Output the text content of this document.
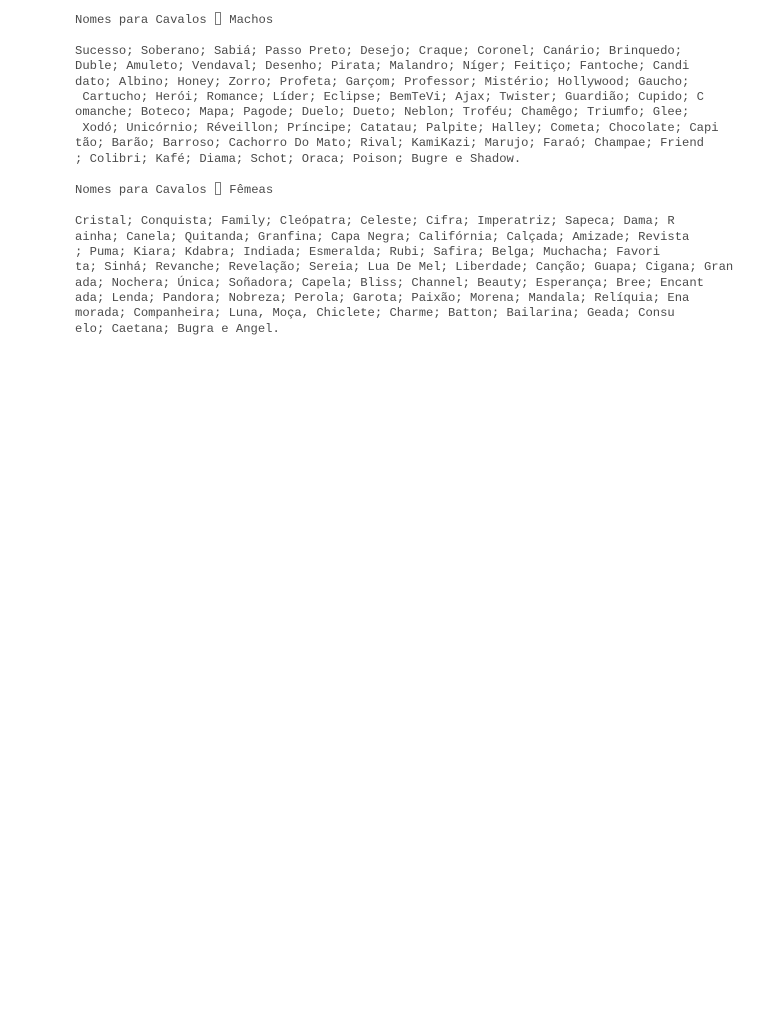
Nomes para Cavalos  Machos
Sucesso; Soberano; Sabiá; Passo Preto; Desejo; Craque; Coronel; Canário; Brinquedo;
Duble; Amuleto; Vendaval; Desenho; Pirata; Malandro; Níger; Feitiço; Fantoche; Candi
dato; Albino; Honey; Zorro; Profeta; Garçom; Professor; Mistério; Hollywood; Gaucho;
Cartucho; Herói; Romance; Líder; Eclipse; BemTeVi; Ajax; Twister; Guardião; Cupido; C
omanche; Boteco; Mapa; Pagode; Duelo; Dueto; Neblon; Troféu; Chamêgo; Triumfo; Glee;
Xodó; Unicórnio; Réveillon; Príncipe; Catatau; Palpite; Halley; Cometa; Chocolate; Capi
tão; Barão; Barroso; Cachorro Do Mato; Rival; KamiKazi; Marujo; Faraó; Champae; Friend
; Colibri; Kafé; Diama; Schot; Oraca; Poison; Bugre e Shadow.
Nomes para Cavalos  Fêmeas
Cristal; Conquista; Family; Cleópatra; Celeste; Cifra; Imperatriz; Sapeca; Dama; R
ainha; Canela; Quitanda; Granfina; Capa Negra; Califórnia; Calçada; Amizade; Revista
; Puma; Kiara; Kdabra; Indiada; Esmeralda; Rubi; Safira; Belga; Muchacha; Favori
ta; Sinhá; Revanche; Revelação; Sereia; Lua De Mel; Liberdade; Canção; Guapa; Cigana; Gran
ada; Nochera; Única; Soñadora; Capela; Bliss; Channel; Beauty; Esperança; Bree; Encant
ada; Lenda; Pandora; Nobreza; Perola; Garota; Paixão; Morena; Mandala; Relíquia; Ena
morada; Companheira; Luna, Moça, Chiclete; Charme; Batton; Bailarina; Geada; Consu
elo; Caetana; Bugra e Angel.
